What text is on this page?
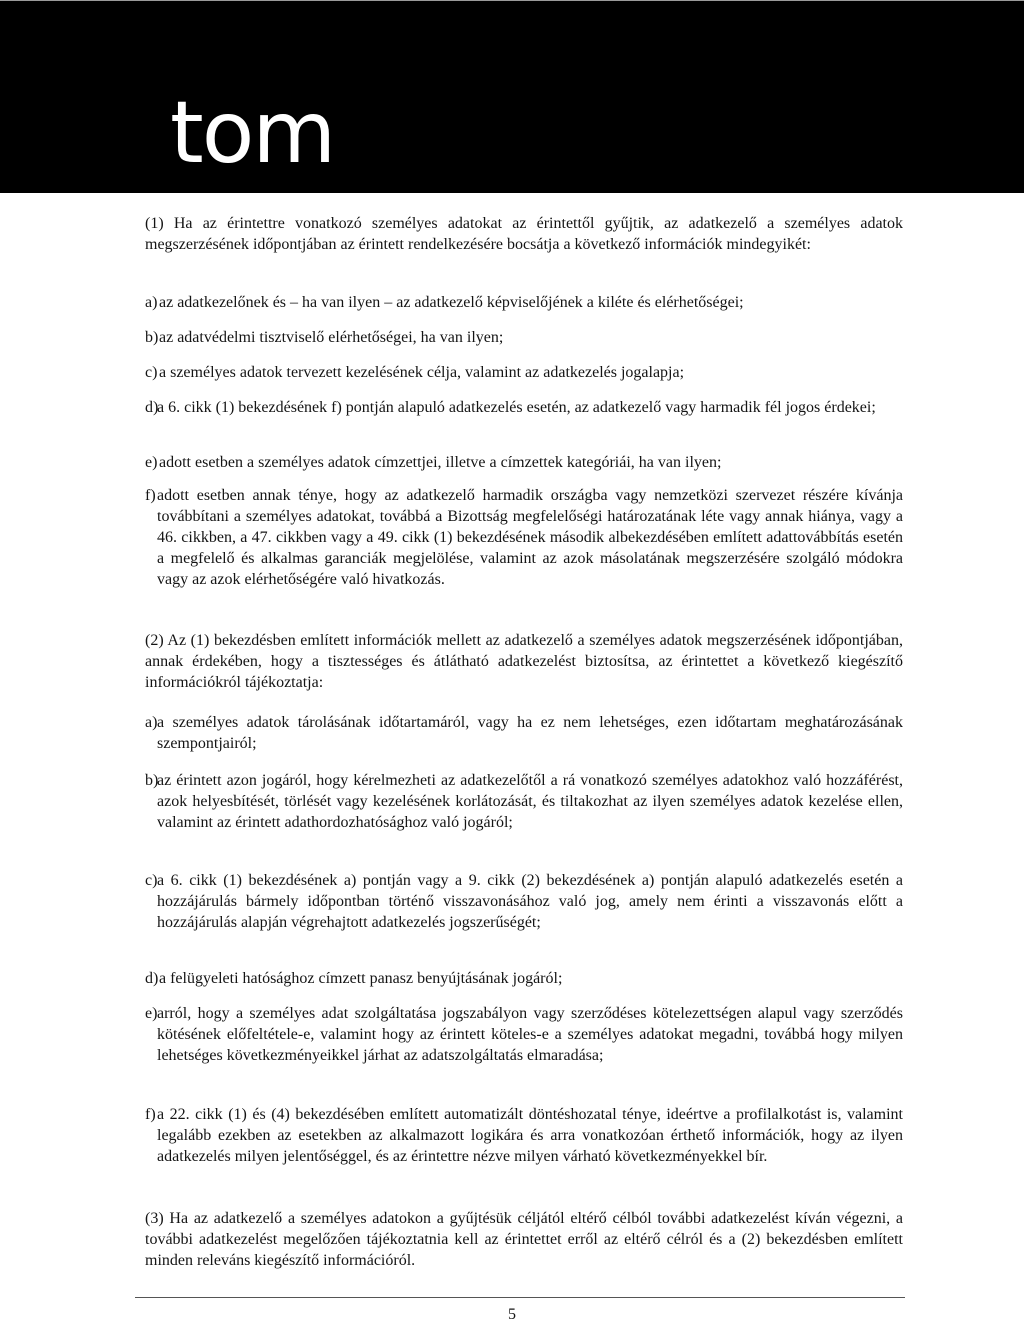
tom
(1) Ha az érintettre vonatkozó személyes adatokat az érintettől gyűjtik, az adatkezelő a személyes adatok megszerzésének időpontjában az érintett rendelkezésére bocsátja a következő információk mindegyikét:
a) az adatkezelőnek és – ha van ilyen – az adatkezelő képviselőjének a kiléte és elérhetőségei;
b) az adatvédelmi tisztviselő elérhetőségei, ha van ilyen;
c) a személyes adatok tervezett kezelésének célja, valamint az adatkezelés jogalapja;
d)
a 6. cikk (1) bekezdésének f) pontján alapuló adatkezelés esetén, az adatkezelő vagy harmadik fél jogos érdekei;
e) adott esetben a személyes adatok címzettjei, illetve a címzettek kategóriái, ha van ilyen;
f) adott esetben annak ténye, hogy az adatkezelő harmadik országba vagy nemzetközi szervezet részére kívánja továbbítani a személyes adatokat, továbbá a Bizottság megfelelőségi határozatának léte vagy annak hiánya, vagy a 46. cikkben, a 47. cikkben vagy a 49. cikk (1) bekezdésének második albekezdésében említett adattovábbítás esetén a megfelelő és alkalmas garanciák megjelölése, valamint az azok másolatának megszerzésére szolgáló módokra vagy az azok elérhetőségére való hivatkozás.
(2) Az (1) bekezdésben említett információk mellett az adatkezelő a személyes adatok megszerzésének időpontjában, annak érdekében, hogy a tisztességes és átlátható adatkezelést biztosítsa, az érintettet a következő kiegészítő információkról tájékoztatja:
a) a személyes adatok tárolásának időtartamáról, vagy ha ez nem lehetséges, ezen időtartam meghatározásának szempontjairól;
b)
az érintett azon jogáról, hogy kérelmezheti az adatkezelőtől a rá vonatkozó személyes adatokhoz való hozzáférést, azok helyesbítését, törlését vagy kezelésének korlátozását, és tiltakozhat az ilyen személyes adatok kezelése ellen, valamint az érintett adathordozhatósághoz való jogáról;
c) a 6. cikk (1) bekezdésének a) pontján vagy a 9. cikk (2) bekezdésének a) pontján alapuló adatkezelés esetén a hozzájárulás bármely időpontban történő visszavonásához való jog, amely nem érinti a visszavonás előtt a hozzájárulás alapján végrehajtott adatkezelés jogszerűségét;
d) a felügyeleti hatósághoz címzett panasz benyújtásának jogáról;
e) arról, hogy a személyes adat szolgáltatása jogszabályon vagy szerződéses kötelezettségen alapul vagy szerződés kötésének előfeltétele-e, valamint hogy az érintett köteles-e a személyes adatokat megadni, továbbá hogy milyen lehetséges következményeikkel járhat az adatszolgáltatás elmaradása;
f) a 22. cikk (1) és (4) bekezdésében említett automatizált döntéshozatal ténye, ideértve a profilalkotást is, valamint legalább ezekben az esetekben az alkalmazott logikára és arra vonatkozóan érthető információk, hogy az ilyen adatkezelés milyen jelentőséggel, és az érintettre nézve milyen várható következményekkel bír.
(3) Ha az adatkezelő a személyes adatokon a gyűjtésük céljától eltérő célból további adatkezelést kíván végezni, a további adatkezelést megelőzően tájékoztatnia kell az érintettet erről az eltérő célról és a (2) bekezdésben említett minden releváns kiegészítő információról.
5
